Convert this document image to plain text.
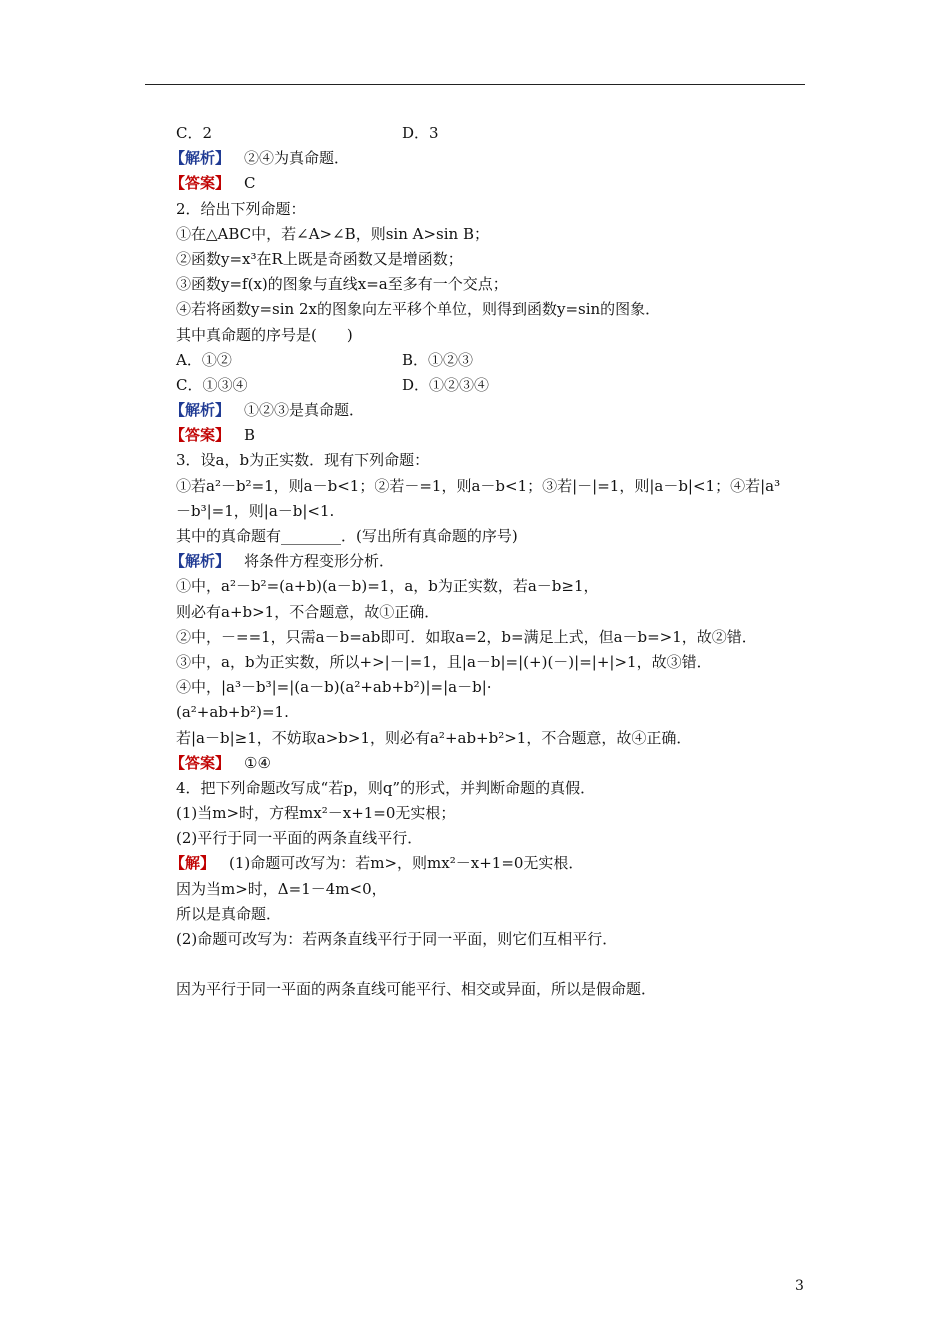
C．2	D．3
【解析】 ②④为真命题．
【答案】 C
2．给出下列命题：
①在△ABC中，若∠A>∠B，则sin A>sin B；
②函数y=x³在R上既是奇函数又是增函数；
③函数y=f(x)的图象与直线x=a至多有一个交点；
④若将函数y=sin 2x的图象向左平移个单位，则得到函数y=sin的图象．
其中真命题的序号是(　　)
A．①②	B．①②③
C．①③④	D．①②③④
【解析】 ①②③是真命题．
【答案】 B
3．设a，b为正实数．现有下列命题：
①若a²－b²=1，则a－b<1；②若－=1，则a－b<1；③若|－|=1，则|a－b|<1；④若|a³
－b³|=1，则|a－b|<1.
其中的真命题有________．(写出所有真命题的序号)
【解析】 将条件方程变形分析．
①中，a²－b²=(a+b)(a－b)=1，a，b为正实数，若a－b≥1，
则必有a+b>1，不合题意，故①正确．
②中，－==1，只需a－b=ab即可．如取a=2，b=满足上式，但a－b=>1，故②错．
③中，a，b为正实数，所以+>|－|=1，且|a－b|=|(+)(－)|=|+|>1，故③错．
④中，|a³－b³|=|(a－b)(a²+ab+b²)|=|a－b|·
(a²+ab+b²)=1.
若|a－b|≥1，不妨取a>b>1，则必有a²+ab+b²>1，不合题意，故④正确．
【答案】 ①④
4．把下列命题改写成“若p，则q”的形式，并判断命题的真假．
(1)当m>时，方程mx²－x+1=0无实根；
(2)平行于同一平面的两条直线平行．
【解】 (1)命题可改写为：若m>，则mx²－x+1=0无实根．
因为当m>时，Δ=1－4m<0，
所以是真命题．
(2)命题可改写为：若两条直线平行于同一平面，则它们互相平行．
因为平行于同一平面的两条直线可能平行、相交或异面，所以是假命题．
3
